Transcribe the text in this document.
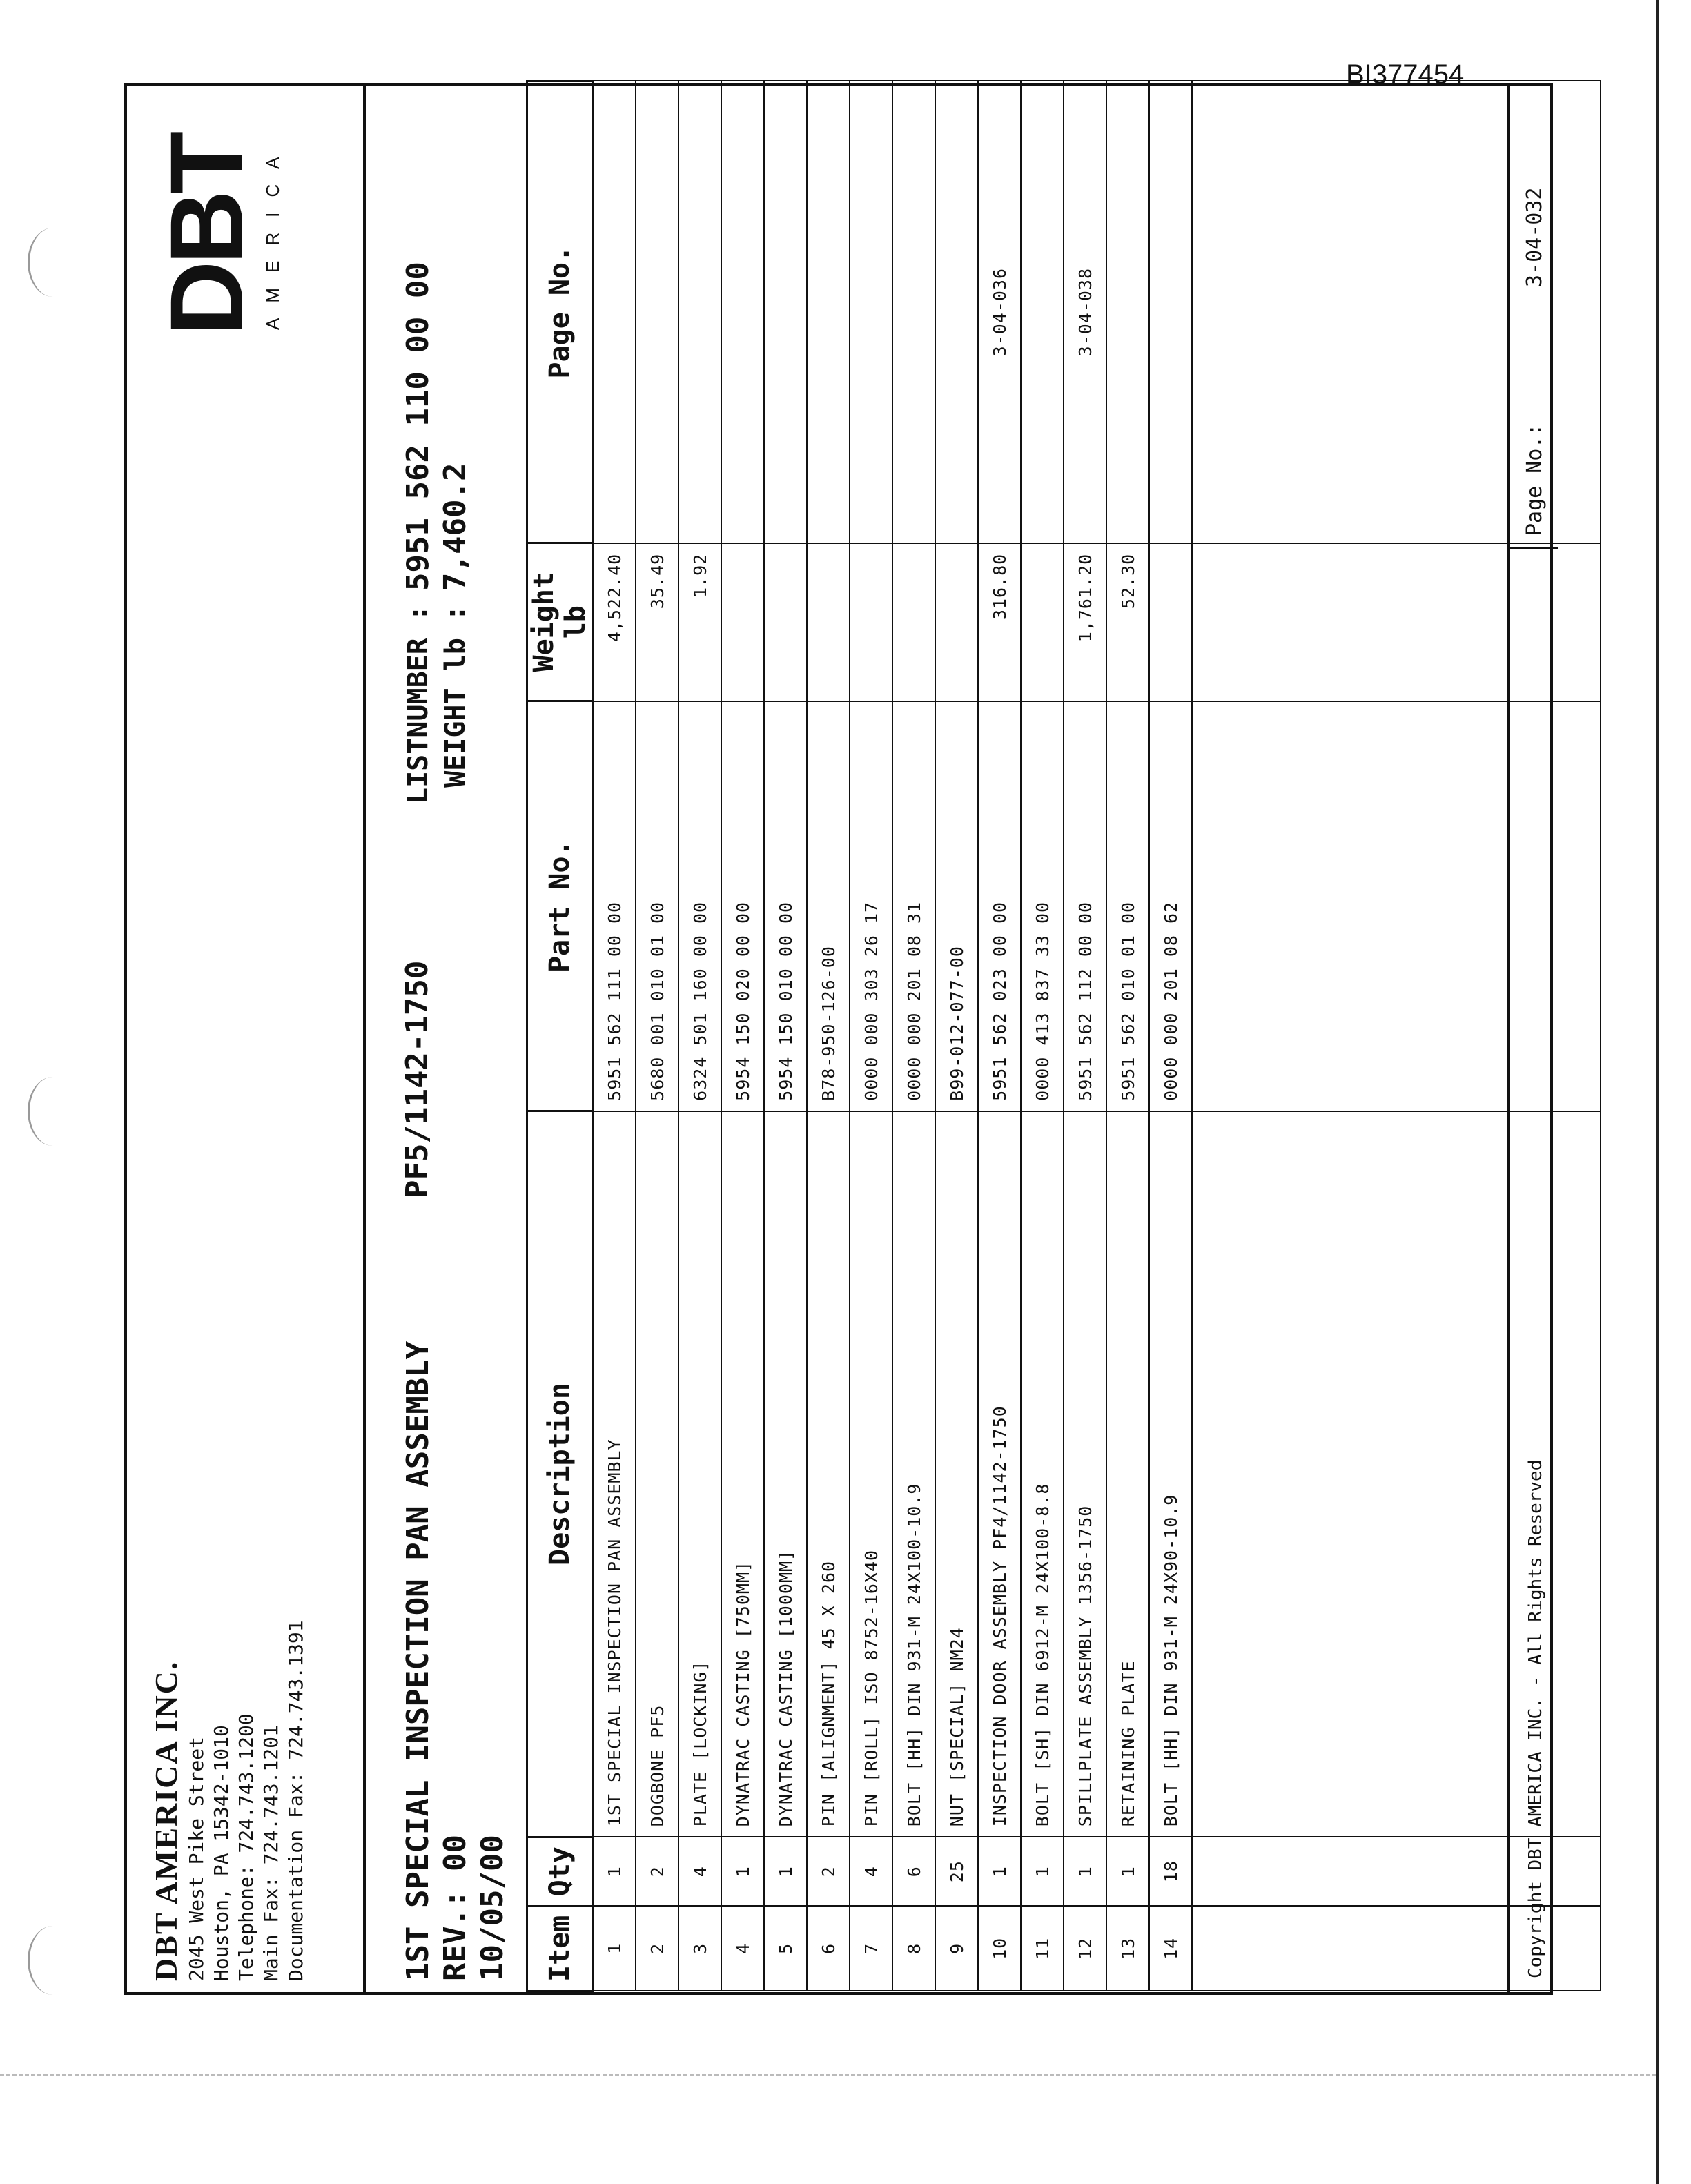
BI377454
DBT AMERICA INC. 2045 West Pike Street Houston, PA 15342-1010 Telephone: 724.743.1200 Main Fax: 724.743.1201 Documentation Fax: 724.743.1391
DBT
AMERICA
1ST SPECIAL INSPECTION PAN ASSEMBLY REV.: 00 10/05/00
PF5/1142-1750
LISTNUMBER : WEIGHT lb :
5951 562 110 00 00 7,460.2
Item	Qty	Description	Part No.	Weight lb	Page No.
1	1	1ST SPECIAL INSPECTION PAN ASSEMBLY	5951 562 111 00 00	4,522.40	
2	2	DOGBONE PF5	5680 001 010 01 00	35.49	
3	4	PLATE [LOCKING]	6324 501 160 00 00	1.92	
4	1	DYNATRAC CASTING [750MM]	5954 150 020 00 00		
5	1	DYNATRAC CASTING [1000MM]	5954 150 010 00 00		
6	2	PIN [ALIGNMENT] 45 X 260	B78-950-126-00		
7	4	PIN [ROLL] ISO 8752-16X40	0000 000 303 26 17		
8	6	BOLT [HH] DIN 931-M 24X100-10.9	0000 000 201 08 31		
9	25	NUT [SPECIAL] NM24	B99-012-077-00		
10	1	INSPECTION DOOR ASSEMBLY PF4/1142-1750	5951 562 023 00 00	316.80	3-04-036
11	1	BOLT [SH] DIN 6912-M 24X100-8.8	0000 413 837 33 00		
12	1	SPILLPLATE ASSEMBLY 1356-1750	5951 562 112 00 00	1,761.20	3-04-038
13	1	RETAINING PLATE	5951 562 010 01 00	52.30	
14	18	BOLT [HH] DIN 931-M 24X90-10.9	0000 000 201 08 62		

Copyright DBT AMERICA INC. - All Rights Reserved
Page No.:
3-04-032
